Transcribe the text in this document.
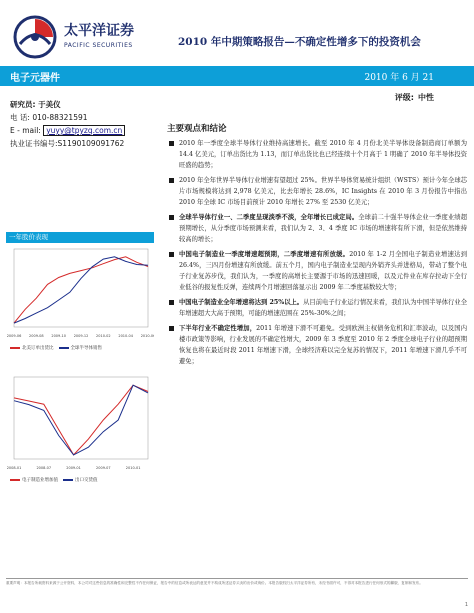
太平洋证券
PACIFIC SECURITIES	2010 年中期策略报告—不确定性增多下的投资机会
电子元器件	2010 年 6 月 21
评级: 中性
研究员: 于美仪
电 话: 010-88321591
E - mail: yuyy@tpyzq.com.cn
执业证书编号:S1190109091762
一年股价表现
2009-06 2009-08 2009-10 2009-12 2010-02 2010-04 2010-06
北美订单出货比	全球半导体销售
2008-01	2008-07	2009-01	2009-07	2010-01
电子制造业增加值	出口交货值
主要观点和结论
2010 年一季度全球半导体行业维持高速增长。截至 2010 年 4 月份北美半导体设备制造商订单额为 14.4 亿美元，订单出货比为 1.13，而订单出货比也已经连续十个月高于 1 明确了 2010 年半导体投资旺盛的趋势；
2010 年全年世界半导体行业增速有望超过 25%。世界半导体贸易统计组织（WSTS）预计今年全球芯片市场规模将达到 2,978 亿美元，比去年增长 28.6%，IC Insights 在 2010 年 3 月份报告中指出 2010 年全球 IC 市场目前预计 2010 年增长 27% 至 2530 亿美元；
全球半导体行业一、二季度呈现淡季不淡，全年增长已成定局。全球前二十强半导体企业一季度业绩超预期增长，从分季度市场预测来看，我们认为 2、3、4 季度 IC 市场的增速将有所下滑，但是依然维持较高的增长；
中国电子制造业一季度增速超预期，二季度增速有所放缓。2010 年 1-2 月全国电子制造业增速达到 26.4%，三四月份增速有所放缓。前五个月，国内电子制造业呈现内外销齐头并进格局，带动了整个电子行业复苏步伐，我们认为，一季度的高增长主要源于市场的迅速回暖，以及元件业在库存拉动下全行业低谷的报复性反弹，连续两个月增速回落显示出 2009 年二季度基数较大等；
中国电子制造业全年增速将达到 25%以上。从目前电子行业运行情况来看，我们认为中国半导体行业全年增速超大大高于预期，可能的增速范围在 25%-30%之间；
下半年行业不确定性增加，2011 年增速下滑不可避免。受到欧洲主权债务危机和汇率波动，以及国内楼市政策等影响，行业发展的不确定性增大，2009 年 3 季度至 2010 年 2 季度全球电子行业的超预期恢复也将在最近时段 2011 年增速下滑，全球经济难以完全复苏的情况下，2011 年增速下滑几乎不可避免；
重要声明：本报告所载资料来源于公开资料，本公司对这些信息的准确性和完整性不作任何保证，报告中的信息或所表达的意见并不构成所述证券买卖的出价或询价。本报告版权归太平洋证券所有，未经书面许可，不得对本报告进行任何形式的翻版、复制和发布。
1
